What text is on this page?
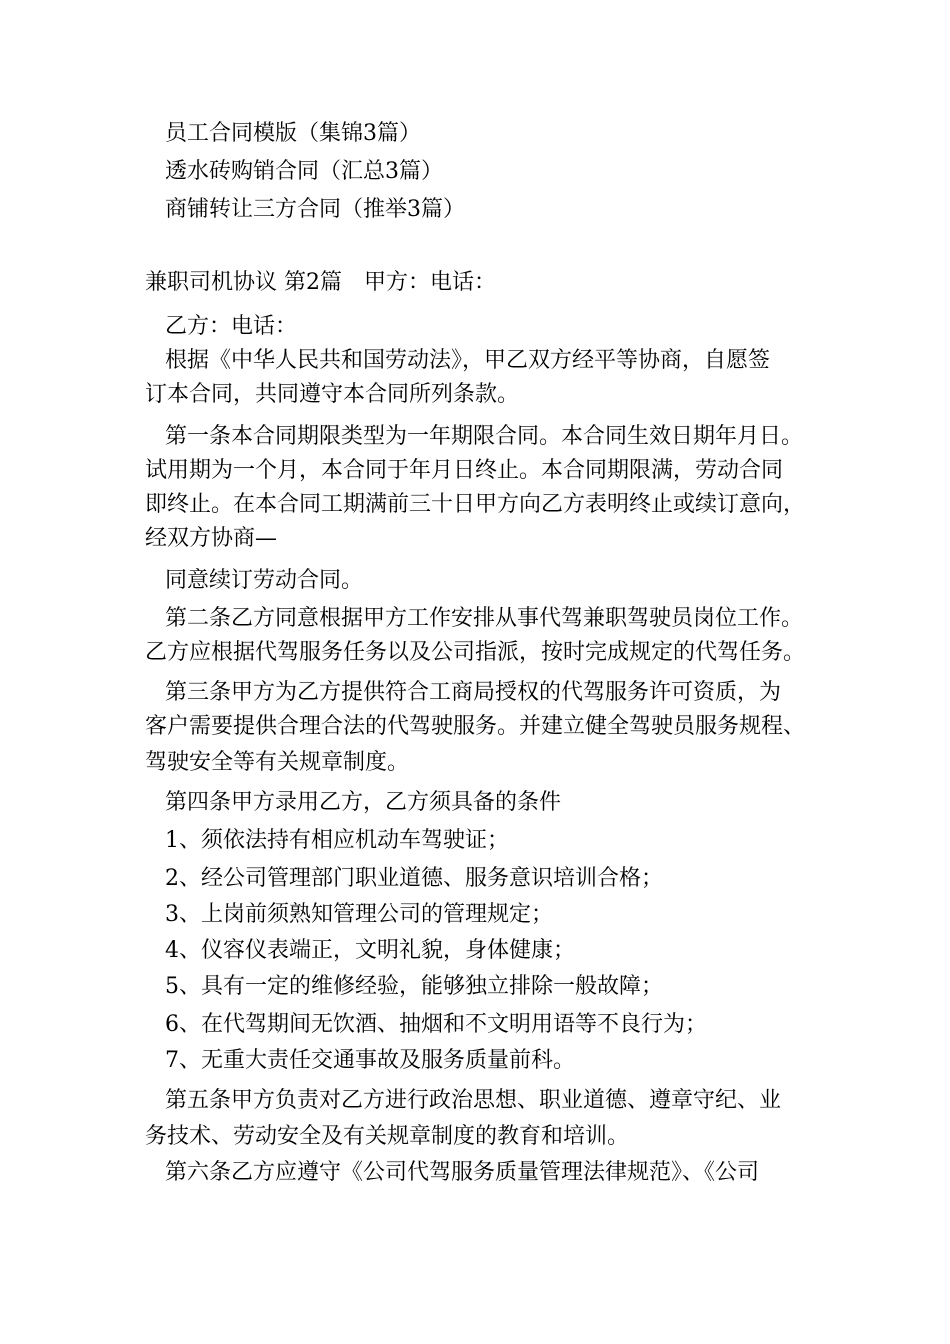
员工合同模版（集锦3篇）
透水砖购销合同（汇总3篇）
商铺转让三方合同（推举3篇）
兼职司机协议 第2篇　甲方：电话：
乙方：电话：
根据《中华人民共和国劳动法》，甲乙双方经平等协商，自愿签
订本合同，共同遵守本合同所列条款。
第一条本合同期限类型为一年期限合同。本合同生效日期年月日。
试用期为一个月，本合同于年月日终止。本合同期限满，劳动合同
即终止。在本合同工期满前三十日甲方向乙方表明终止或续订意向，
经双方协商—
同意续订劳动合同。
第二条乙方同意根据甲方工作安排从事代驾兼职驾驶员岗位工作。
乙方应根据代驾服务任务以及公司指派，按时完成规定的代驾任务。
第三条甲方为乙方提供符合工商局授权的代驾服务许可资质，为
客户需要提供合理合法的代驾驶服务。并建立健全驾驶员服务规程、
驾驶安全等有关规章制度。
第四条甲方录用乙方，乙方须具备的条件
1、须依法持有相应机动车驾驶证；
2、经公司管理部门职业道德、服务意识培训合格；
3、上岗前须熟知管理公司的管理规定；
4、仪容仪表端正，文明礼貌，身体健康；
5、具有一定的维修经验，能够独立排除一般故障；
6、在代驾期间无饮酒、抽烟和不文明用语等不良行为；
7、无重大责任交通事故及服务质量前科。
第五条甲方负责对乙方进行政治思想、职业道德、遵章守纪、业
务技术、劳动安全及有关规章制度的教育和培训。
第六条乙方应遵守《公司代驾服务质量管理法律规范》、《公司
